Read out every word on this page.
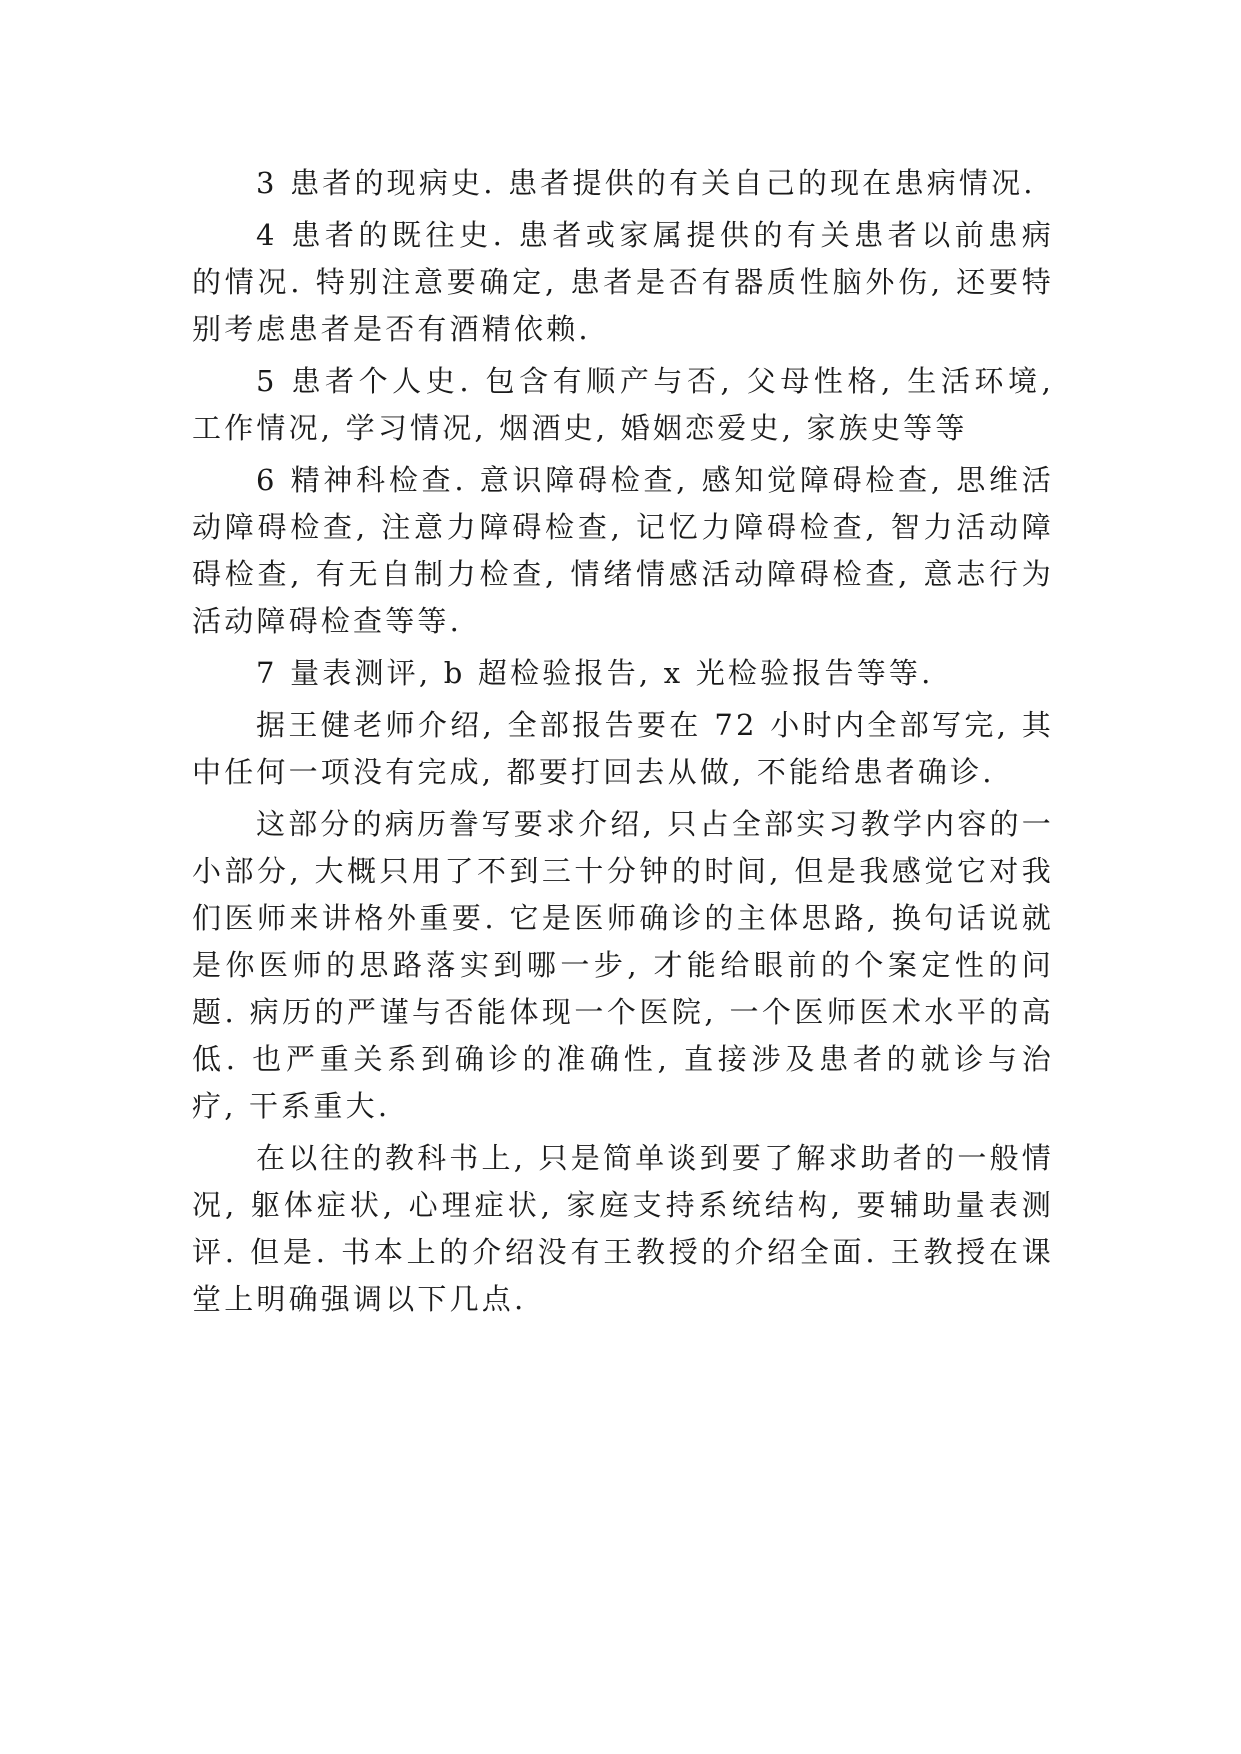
3 患者的现病史. 患者提供的有关自己的现在患病情况.

4 患者的既往史. 患者或家属提供的有关患者以前患病的情况. 特别注意要确定, 患者是否有器质性脑外伤, 还要特别考虑患者是否有酒精依赖.

5 患者个人史. 包含有顺产与否, 父母性格, 生活环境, 工作情况, 学习情况, 烟酒史, 婚姻恋爱史, 家族史等等

6 精神科检查. 意识障碍检查, 感知觉障碍检查, 思维活动障碍检查, 注意力障碍检查, 记忆力障碍检查, 智力活动障碍检查, 有无自制力检查, 情绪情感活动障碍检查, 意志行为活动障碍检查等等.

7 量表测评, b 超检验报告, x 光检验报告等等.

据王健老师介绍, 全部报告要在 72 小时内全部写完, 其中任何一项没有完成, 都要打回去从做, 不能给患者确诊.

这部分的病历誊写要求介绍, 只占全部实习教学内容的一小部分, 大概只用了不到三十分钟的时间, 但是我感觉它对我们医师来讲格外重要. 它是医师确诊的主体思路, 换句话说就是你医师的思路落实到哪一步, 才能给眼前的个案定性的问题. 病历的严谨与否能体现一个医院, 一个医师医术水平的高低. 也严重关系到确诊的准确性, 直接涉及患者的就诊与治疗, 干系重大.

在以往的教科书上, 只是简单谈到要了解求助者的一般情况, 躯体症状, 心理症状, 家庭支持系统结构, 要辅助量表测评. 但是. 书本上的介绍没有王教授的介绍全面. 王教授在课堂上明确强调以下几点.
